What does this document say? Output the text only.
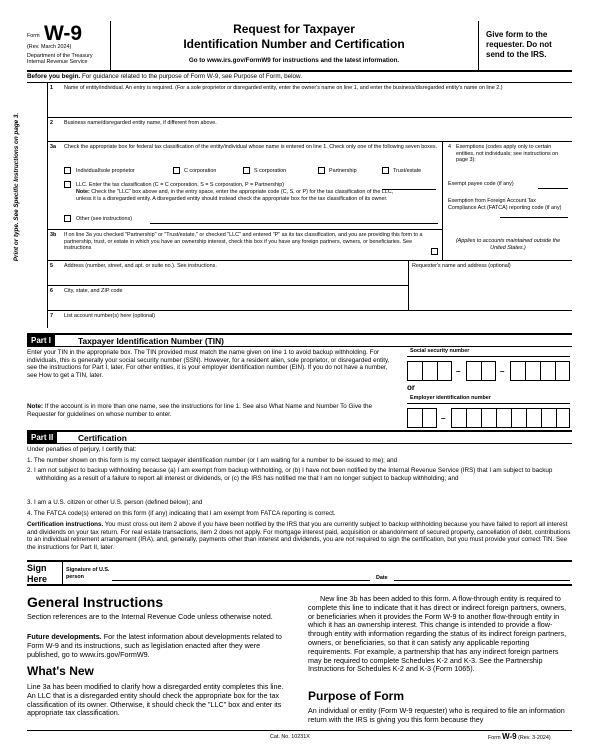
Form W-9
(Rev. March 2024)
Department of the Treasury
Internal Revenue Service
Request for Taxpayer
Identification Number and Certification
Go to www.irs.gov/FormW9 for instructions and the latest information.
Give form to the requester. Do not send to the IRS.
Before you begin. For guidance related to the purpose of Form W-9, see Purpose of Form, below.
Print or type. See Specific Instructions on page 3.
1 Name of entity/individual. An entry is required. (For a sole proprietor or disregarded entity, enter the owner's name on line 1, and enter the business/disregarded entity's name on line 2.)
2 Business name/disregarded entity name, if different from above.
3a Check the appropriate box for federal tax classification of the entity/individual whose name is entered on line 1. Check only one of the following seven boxes.
Individual/sole proprietor	C corporation	S corporation	Partnership	Trust/estate
LLC. Enter the tax classification (C = C corporation, S = S corporation, P = Partnership)
Note: Check the "LLC" box above and, in the entry space, enter the appropriate code (C, S, or P) for the tax classification of the LLC, unless it is a disregarded entity. A disregarded entity should instead check the appropriate box for the tax classification of its owner.
Other (see instructions)
4 Exemptions (codes apply only to certain entities, not individuals; see instructions on page 3):
Exempt payee code (if any)
Exemption from Foreign Account Tax Compliance Act (FATCA) reporting code (if any)
3b If on line 3a you checked "Partnership" or "Trust/estate," or checked "LLC" and entered "P" as its tax classification, and you are providing this form to a partnership, trust, or estate in which you have an ownership interest, check this box if you have any foreign partners, owners, or beneficiaries. See instructions
(Applies to accounts maintained outside the United States.)
5 Address (number, street, and apt. or suite no.). See instructions.	Requester's name and address (optional)
6 City, state, and ZIP code
7 List account number(s) here (optional)
Part I	Taxpayer Identification Number (TIN)
Enter your TIN in the appropriate box. The TIN provided must match the name given on line 1 to avoid backup withholding. For individuals, this is generally your social security number (SSN). However, for a resident alien, sole proprietor, or disregarded entity, see the instructions for Part I, later. For other entities, it is your employer identification number (EIN). If you do not have a number, see How to get a TIN, later.
Note: If the account is in more than one name, see the instructions for line 1. See also What Name and Number To Give the Requester for guidelines on whose number to enter.
Social security number
–	–
or
Employer identification number
–
Part II	Certification
Under penalties of perjury, I certify that:
1. The number shown on this form is my correct taxpayer identification number (or I am waiting for a number to be issued to me); and
2. I am not subject to backup withholding because (a) I am exempt from backup withholding, or (b) I have not been notified by the Internal Revenue Service (IRS) that I am subject to backup withholding as a result of a failure to report all interest or dividends, or (c) the IRS has notified me that I am no longer subject to backup withholding; and
3. I am a U.S. citizen or other U.S. person (defined below); and
4. The FATCA code(s) entered on this form (if any) indicating that I am exempt from FATCA reporting is correct.
Certification instructions. You must cross out item 2 above if you have been notified by the IRS that you are currently subject to backup withholding because you have failed to report all interest and dividends on your tax return. For real estate transactions, item 2 does not apply. For mortgage interest paid, acquisition or abandonment of secured property, cancellation of debt, contributions to an individual retirement arrangement (IRA), and, generally, payments other than interest and dividends, you are not required to sign the certification, but you must provide your correct TIN. See the instructions for Part II, later.
Sign Here
Signature of U.S. person	Date
General Instructions
Section references are to the Internal Revenue Code unless otherwise noted.
Future developments. For the latest information about developments related to Form W-9 and its instructions, such as legislation enacted after they were published, go to www.irs.gov/FormW9.
What's New
Line 3a has been modified to clarify how a disregarded entity completes this line. An LLC that is a disregarded entity should check the appropriate box for the tax classification of its owner. Otherwise, it should check the "LLC" box and enter its appropriate tax classification.
New line 3b has been added to this form. A flow-through entity is required to complete this line to indicate that it has direct or indirect foreign partners, owners, or beneficiaries when it provides the Form W-9 to another flow-through entity in which it has an ownership interest. This change is intended to provide a flow-through entity with information regarding the status of its indirect foreign partners, owners, or beneficiaries, so that it can satisfy any applicable reporting requirements. For example, a partnership that has any indirect foreign partners may be required to complete Schedules K-2 and K-3. See the Partnership Instructions for Schedules K-2 and K-3 (Form 1065).
Purpose of Form
An individual or entity (Form W-9 requester) who is required to file an information return with the IRS is giving you this form because they
Cat. No. 10231X	Form W-9 (Rev. 3-2024)
